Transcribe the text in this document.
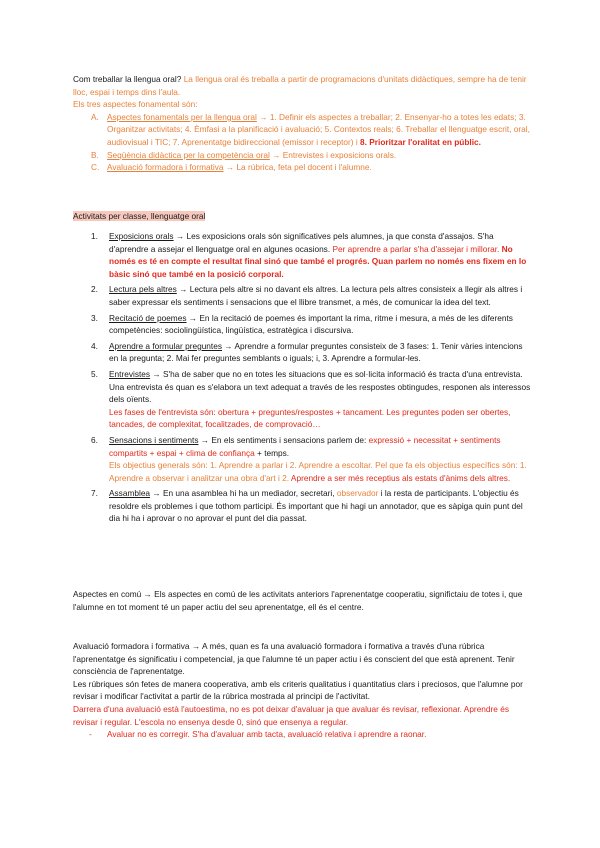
Com treballar la llengua oral? La llengua oral és treballa a partir de programacions d'unitats didàctiques, sempre ha de tenir lloc, espai i temps dins l'aula.

Els tres aspectes fonamental són:

A. Aspectes fonamentals per la llengua oral → 1. Definir els aspectes a treballar; 2. Ensenyar-ho a totes les edats; 3. Organitzar activitats; 4. Èmfasi a la planificació i avaluació; 5. Contextos reals; 6. Treballar el llenguatge escrit, oral, audiovisual i TIC; 7. Aprenentatge bidireccional (emissor i receptor) i 8. Prioritzar l'oralitat en públic.
B. Seqüència didàctica per la competència oral → Entrevistes i exposicions orals.
C. Avaluació formadora i formativa → La rúbrica, feta pel docent i l'alumne.
Activitats per classe, llenguatge oral
1. Exposicions orals → Les exposicions orals són significatives pels alumnes, ja que consta d'assajos. S'ha d'aprendre a assejar el llenguatge oral en algunes ocasions. Per aprendre a parlar s'ha d'assejar i millorar. No només es té en compte el resultat final sinó que també el progrés. Quan parlem no només ens fixem en lo bàsic sinó que també en la posició corporal.
2. Lectura pels altres → Lectura pels altre si no davant els altres. La lectura pels altres consisteix a llegir als altres i saber expressar els sentiments i sensacions que el llibre transmet, a més, de comunicar la idea del text.
3. Recitació de poemes → En la recitació de poemes és important la rima, ritme i mesura, a més de les diferents competències: sociolingüística, lingüística, estratègica i discursiva.
4. Aprendre a formular preguntes → Aprendre a formular preguntes consisteix de 3 fases: 1. Tenir vàries intencions en la pregunta; 2. Mai fer preguntes semblants o iguals; i, 3. Aprendre a formular-les.
5. Entrevistes → S'ha de saber que no en totes les situacions que es sol·licita informació és tracta d'una entrevista. Una entrevista és quan es s'elabora un text adequat a través de les respostes obtingudes, responen als interessos dels oïents.
Les fases de l'entrevista són: obertura + preguntes/respostes + tancament. Les preguntes poden ser obertes, tancades, de complexitat, focalitzades, de comprovació…
6. Sensacions i sentiments → En els sentiments i sensacions parlem de: expressió + necessitat + sentiments compartits + espai + clima de confiança + temps.
Els objectius generals són: 1. Aprendre a parlar i 2. Aprendre a escoltar. Pel que fa els objectius específics són: 1. Aprendre a observar i analitzar una obra d'art i 2. Aprendre a ser més receptius als estats d'ànims dels altres.
7. Assamblea → En una asamblea hi ha un mediador, secretari, observador i la resta de participants. L'objectiu és resoldre els problemes i que tothom participi. És important que hi hagi un annotador, que es sàpiga quin punt del dia hi ha i aprovar o no aprovar el punt del dia passat.

Aspectes en comú → Els aspectes en comú de les activitats anteriors l'aprenentatge cooperatiu, significtaiu de totes i, que l'alumne en tot moment té un paper actiu del seu aprenentatge, ell és el centre.

Avaluació formadora i formativa → A més, quan es fa una avaluació formadora i formativa a través d'una rúbrica l'aprenentatge és significatiu i competencial, ja que l'alumne té un paper actiu i és conscient del que està aprenent. Tenir consciència de l'aprenentatge.

Les rúbriques són fetes de manera cooperativa, amb els criteris qualitatius i quantitatius clars i preciosos, que l'alumne por revisar i modificar l'activitat a partir de la rúbrica mostrada al principi de l'activitat.

Darrera d'una avaluació està l'autoestima, no es pot deixar d'avaluar ja que avaluar és revisar, reflexionar. Aprendre és revisar i regular. L'escola no ensenya desde 0, sinó que ensenya a regular.

- Avaluar no es corregir. S'ha d'avaluar amb tacta, avaluació relativa i aprendre a raonar.
